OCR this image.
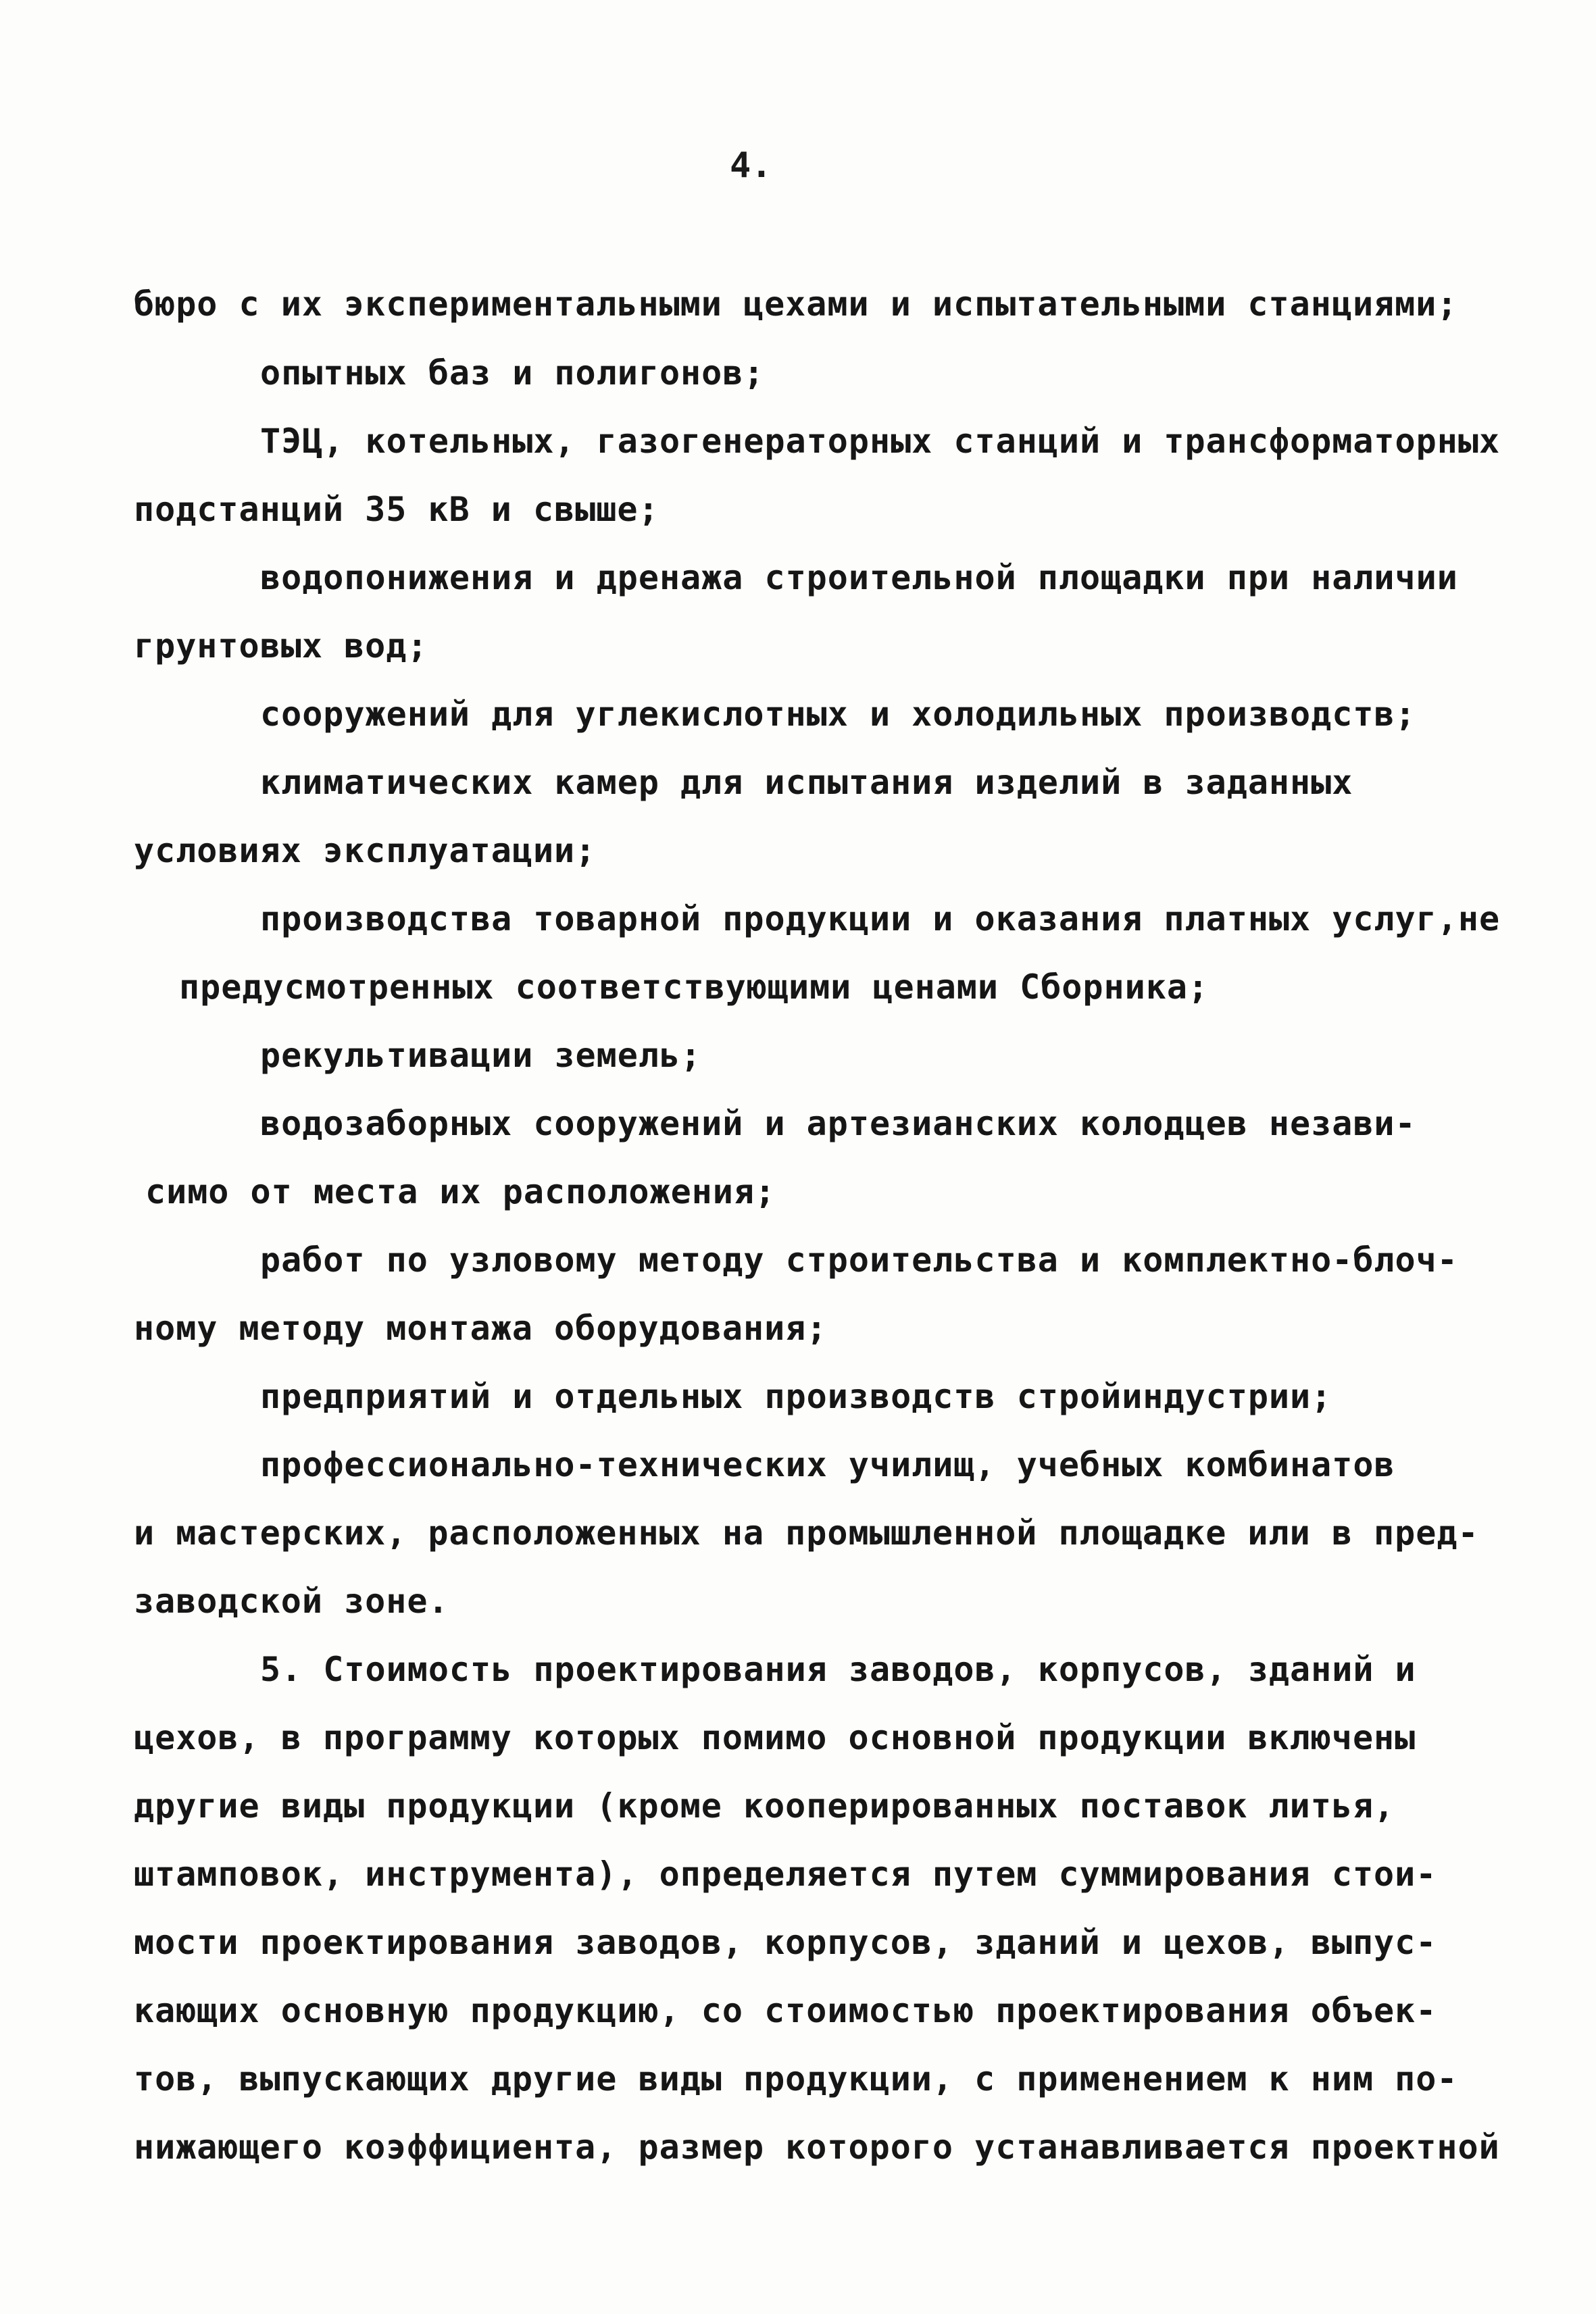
4.
бюро с их экспериментальными цехами и испытательными станциями;
опытных баз и полигонов;
ТЭЦ, котельных, газогенераторных станций и трансформаторных
подстанций 35 кВ и свыше;
водопонижения и дренажа строительной площадки при наличии
грунтовых вод;
сооружений для углекислотных и холодильных производств;
климатических камер для испытания изделий в заданных
условиях эксплуатации;
производства товарной продукции и оказания платных услуг,не
предусмотренных соответствующими ценами Сборника;
рекультивации земель;
водозаборных сооружений и артезианских колодцев незави-
симо от места их расположения;
работ по узловому методу строительства и комплектно-блоч-
ному методу монтажа оборудования;
предприятий и отдельных производств стройиндустрии;
профессионально-технических училищ, учебных комбинатов
и мастерских, расположенных на промышленной площадке или в пред-
заводской зоне.
5. Стоимость проектирования заводов, корпусов, зданий и
цехов, в программу которых помимо основной продукции включены
другие виды продукции (кроме кооперированных поставок литья,
штамповок, инструмента), определяется путем суммирования стои-
мости проектирования заводов, корпусов, зданий и цехов, выпус-
кающих основную продукцию, со стоимостью проектирования объек-
тов, выпускающих другие виды продукции, с применением к ним по-
нижающего коэффициента, размер которого устанавливается проектной
